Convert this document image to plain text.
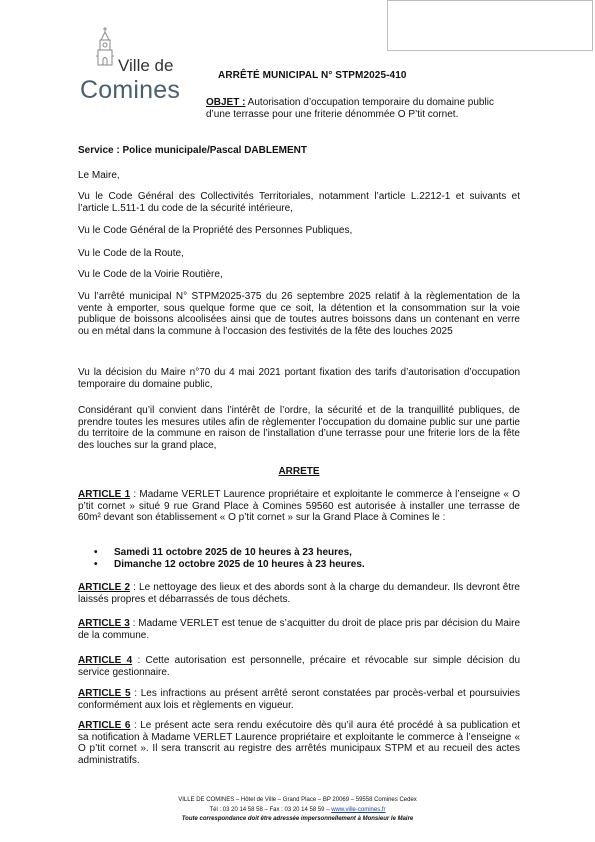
Ville de
Comines
ARRÊTÉ MUNICIPAL N° STPM2025-410
OBJET : Autorisation d’occupation temporaire du domaine public d’une terrasse pour une friterie dénommée O P’tit cornet.
Service : Police municipale/Pascal DABLEMENT
Le Maire,
Vu le Code Général des Collectivités Territoriales, notamment l’article L.2212-1 et suivants et l’article L.511-1 du code de la sécurité intérieure,
Vu le Code Général de la Propriété des Personnes Publiques,
Vu le Code de la Route,
Vu le Code de la Voirie Routière,
Vu l’arrêté municipal N° STPM2025-375 du 26 septembre 2025 relatif à la règlementation de la vente à emporter, sous quelque forme que ce soit, la détention et la consommation sur la voie publique de boissons alcoolisées ainsi que de toutes autres boissons dans un contenant en verre ou en métal dans la commune à l’occasion des festivités de la fête des louches 2025
Vu la décision du Maire n°70 du 4 mai 2021 portant fixation des tarifs d’autorisation d’occupation temporaire du domaine public,
Considérant qu’il convient dans l’intérêt de l’ordre, la sécurité et de la tranquillité publiques, de prendre toutes les mesures utiles afin de règlementer l’occupation du domaine public sur une partie du territoire de la commune en raison de l’installation d’une terrasse pour une friterie lors de la fête des louches sur la grand place,
ARRETE
ARTICLE 1 : Madame VERLET Laurence propriétaire et exploitante le commerce à l’enseigne « O p’tit cornet » situé 9 rue Grand Place à Comines 59560 est autorisée à installer une terrasse de 60m² devant son établissement « O p’tit cornet » sur la Grand Place à Comines le :
• Samedi 11 octobre 2025 de 10 heures à 23 heures,
• Dimanche 12 octobre 2025 de 10 heures à 23 heures.
ARTICLE 2 : Le nettoyage des lieux et des abords sont à la charge du demandeur. Ils devront être laissés propres et débarrassés de tous déchets.
ARTICLE 3 : Madame VERLET est tenue de s’acquitter du droit de place pris par décision du Maire de la commune.
ARTICLE 4 : Cette autorisation est personnelle, précaire et révocable sur simple décision du service gestionnaire.
ARTICLE 5 : Les infractions au présent arrêté seront constatées par procès-verbal et poursuivies conformément aux lois et règlements en vigueur.
ARTICLE 6 : Le présent acte sera rendu exécutoire dès qu’il aura été procédé à sa publication et sa notification à Madame VERLET Laurence propriétaire et exploitante le commerce à l’enseigne « O p’tit cornet ». Il sera transcrit au registre des arrêtés municipaux STPM et au recueil des actes administratifs.
VILLE DE COMINES – Hôtel de Ville – Grand Place – BP 20069 – 59558 Comines Cedex
Tél : 03 20 14 58 58 – Fax : 03 20 14 58 59 – www.ville-comines.fr
Toute correspondance doit être adressée impersonnellement à Monsieur le Maire
